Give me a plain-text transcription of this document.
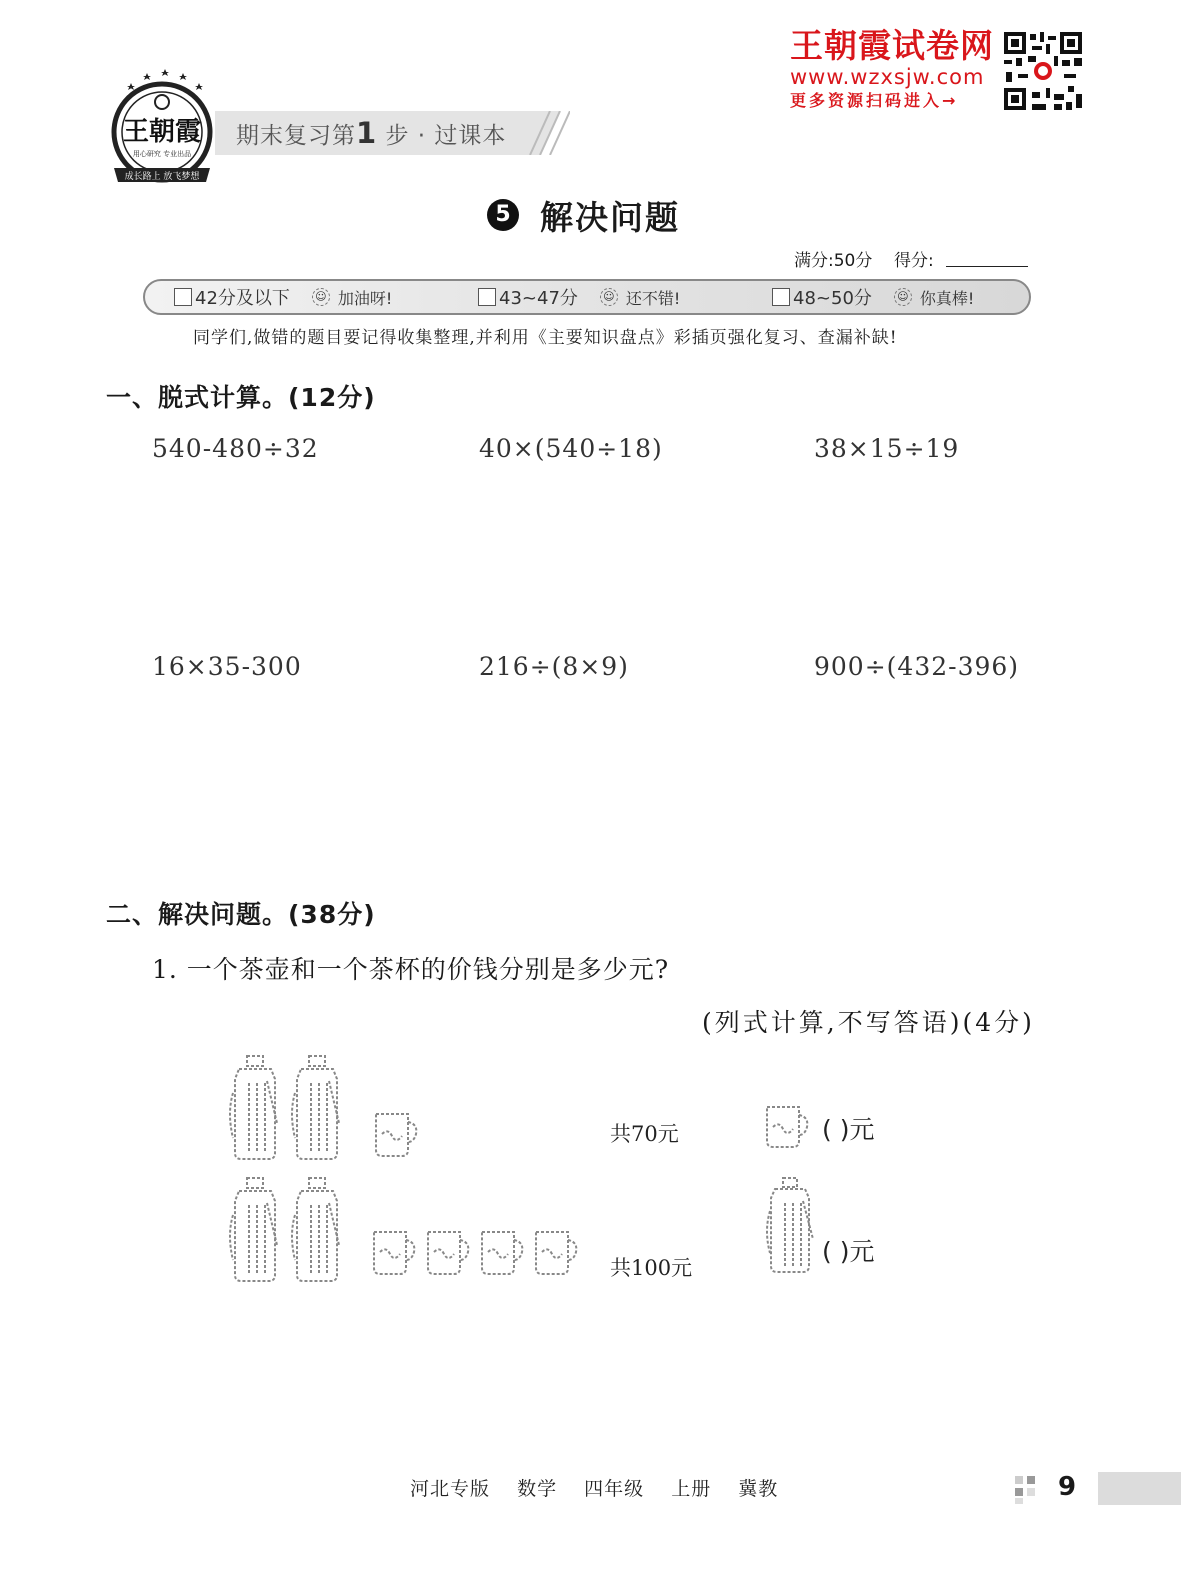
王朝霞
用心研究 专业出品
成长路上 放飞梦想
期末复习第1 步 · 过课本
王朝霞试卷网
www.wzxsjw.com
更多资源扫码进入→
5 解决问题
满分:50分 得分:
42分及以下 ☺ 加油呀!	43~47分 ☺ 还不错!	48~50分 ☺ 你真棒!
同学们,做错的题目要记得收集整理,并利用《主要知识盘点》彩插页强化复习、查漏补缺!
一、脱式计算。(12分)
540-480÷32	40×(540÷18)	38×15÷19
16×35-300	216÷(8×9)	900÷(432-396)
二、解决问题。(38分)
1. 一个茶壶和一个茶杯的价钱分别是多少元?
(列式计算,不写答语)(4分)
共70元	( )元
共100元
( )元
河北专版 数学 四年级 上册 冀教	9
